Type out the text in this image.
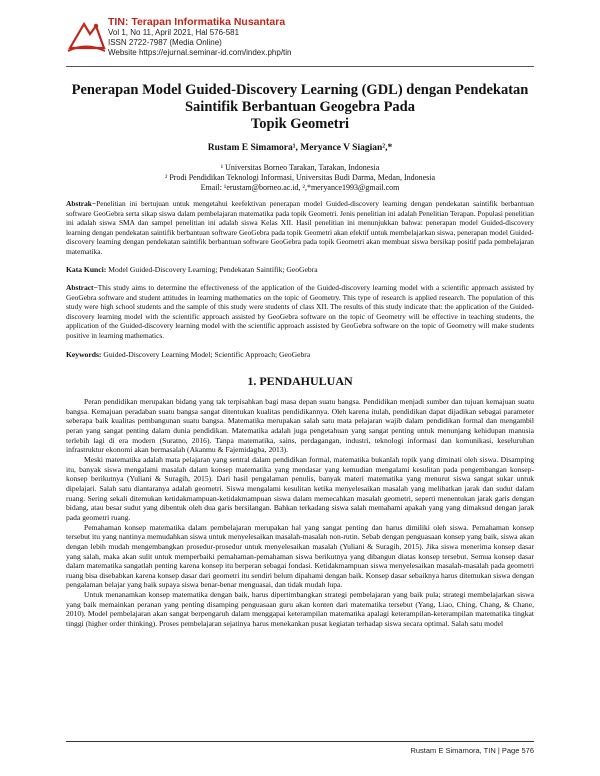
TIN: Terapan Informatika Nusantara
Vol 1, No 11, April 2021, Hal 576-581
ISSN 2722-7987 (Media Online)
Website https://ejurnal.seminar-id.com/index.php/tin
Penerapan Model Guided-Discovery Learning (GDL) dengan Pendekatan
Saintifik Berbantuan Geogebra Pada
Topik Geometri
Rustam E Simamora¹, Meryance V Siagian²,*
¹ Universitas Borneo Tarakan, Tarakan, Indonesia
² Prodi Pendidikan Teknologi Informasi, Universitas Budi Darma, Medan, Indonesia
Email: ¹erustam@borneo.ac.id, ²,*meryance1993@gmail.com
Abstrak−Penelitian ini bertujuan untuk mengetahui keefektivan penerapan model Guided-discovery learning dengan pendekatan saintifik berbantuan software GeoGebra serta sikap siswa dalam pembelajaran matematika pada topik Geometri. Jenis penelitian ini adalah Penelitian Terapan. Populasi penelitian ini adalah siswa SMA dan sampel penelitian ini adalah siswa Kelas XII. Hasil penelitian ini menunjukkan bahwa: penerapan model Guided-discovery learning dengan pendekatan saintifik berbantuan software GeoGebra pada topik Geometri akan efektif untuk membelajarkan siswa, penerapan model Guided-discovery learning dengan pendekatan saintifik berbantuan software GeoGebra pada topik Geometri akan membuat siswa bersikap positif pada pembelajaran matematika.
Kata Kunci: Model Guided-Discovery Learning; Pendekatan Saintifik; GeoGebra
Abstract−This study aims to determine the effectiveness of the application of the Guided-discovery learning model with a scientific approach assisted by GeoGebra software and student attitudes in learning mathematics on the topic of Geometry. This type of research is applied research. The population of this study were high school students and the sample of this study were students of class XII. The results of this study indicate that: the application of the Guided-discovery learning model with the scientific approach assisted by GeoGebra software on the topic of Geometry will be effective in teaching students, the application of the Guided-discovery learning model with the scientific approach assisted by GeoGebra software on the topic of Geometry will make students positive in learning mathematics.
Keywords: Guided-Discovery Learning Model; Scientific Approach; GeoGebra
1. PENDAHULUAN

Peran pendidikan merupakan bidang yang tak terpisahkan bagi masa depan suatu bangsa. Pendidikan menjadi sumber dan tujuan kemajuan suatu bangsa. Kemajuan peradaban suatu bangsa sangat ditentukan kualitas pendidikannya. Oleh karena itulah, pendidikan dapat dijadikan sebagai parameter seberapa baik kualitas pembangunan suatu bangsa. Matematika merupakan salah satu mata pelajaran wajib dalam pendidikan formal dan mengambil peran yang sangat penting dalam dunia pendidikan. Matematika adalah juga pengetahuan yang sangat penting untuk menunjang kehidupan manusia terlebih lagi di era modern (Suratno, 2016). Tanpa matematika, sains, perdagangan, industri, teknologi informasi dan komunikasi, keseluruhan infrastruktur ekonomi akan bermasalah (Akanmu & Fajemidagba, 2013).

Meski matematika adalah mata pelajaran yang sentral dalam pendidikan formal, matematika bukanlah topik yang diminati oleh siswa. Disamping itu, banyak siswa mengalami masalah dalam konsep matematika yang mendasar yang kemudian mengalami kesulitan pada pengembangan konsep-konsep berikutnya (Yuliani & Suragih, 2015). Dari hasil pengalaman penulis, banyak materi matematika yang menurut siswa sangat sukar untuk dipelajari. Salah satu diantaranya adalah geometri. Siswa mengalami kesulitan ketika menyelesaikan masalah yang melibatkan jarak dan sudut dalam ruang. Sering sekali ditemukan ketidakmampuan-ketidakmampuan siswa dalam memecahkan masalah geometri, seperti menentukan jarak garis dengan bidang, atau besar sudut yang dibentuk oleh dua garis bersilangan. Bahkan terkadang siswa salah memahami apakah yang yang dimaksud dengan jarak pada geometri ruang.

Pemahaman konsep matematika dalam pembelajaran merupakan hal yang sangat penting dan harus dimiliki oleh siswa. Pemahaman konsep tersebut itu yang nantinya memudahkan siswa untuk menyelesaikan masalah-masalah non-rutin. Sebab dengan penguasaan konsep yang baik, siswa akan dengan lebih mudah mengembangkan prosedur-prosedur untuk menyelesaikan masalah (Yuliani & Suragih, 2015). Jika siswa menerima konsep dasar yang salah, maka akan sulit untuk memperbaiki pemahaman-pemahaman siswa berikutnya yang dibangun diatas konsep tersebut. Semua konsep dasar dalam matematika sangatlah penting karena konsep itu berperan sebagai fondasi. Ketidakmampuan siswa menyelesaikan masalah-masalah pada geometri ruang bisa disebabkan karena konsep dasar dari geometri itu sendiri belum dipahami dengan baik. Konsep dasar sebaiknya harus ditemukan siswa dengan pengalaman belajar yang baik supaya siswa benar-benar menguasai, dan tidak mudah lupa.

Untuk menanamkan konsep matematika dengan baik, harus dipertimbangkan strategi pembelajaran yang baik pula; strategi membelajarkan siswa yang baik memainkan peranan yang penting disamping penguasaan guru akan konten dari matematika tersebut (Yang, Liao, Ching, Chang, & Chane, 2010). Model pembelajaran akan sangat berpengaruh dalam menggapai keterampilan matematika apalagi keterampilan-keterampilan matematika tingkat tinggi (higher order thinking). Proses pembelajaran sejatinya harus menekankan pusat kegiatan terhadap siswa secara optimal. Salah satu model

Rustam E Simamora, TIN | Page 576
